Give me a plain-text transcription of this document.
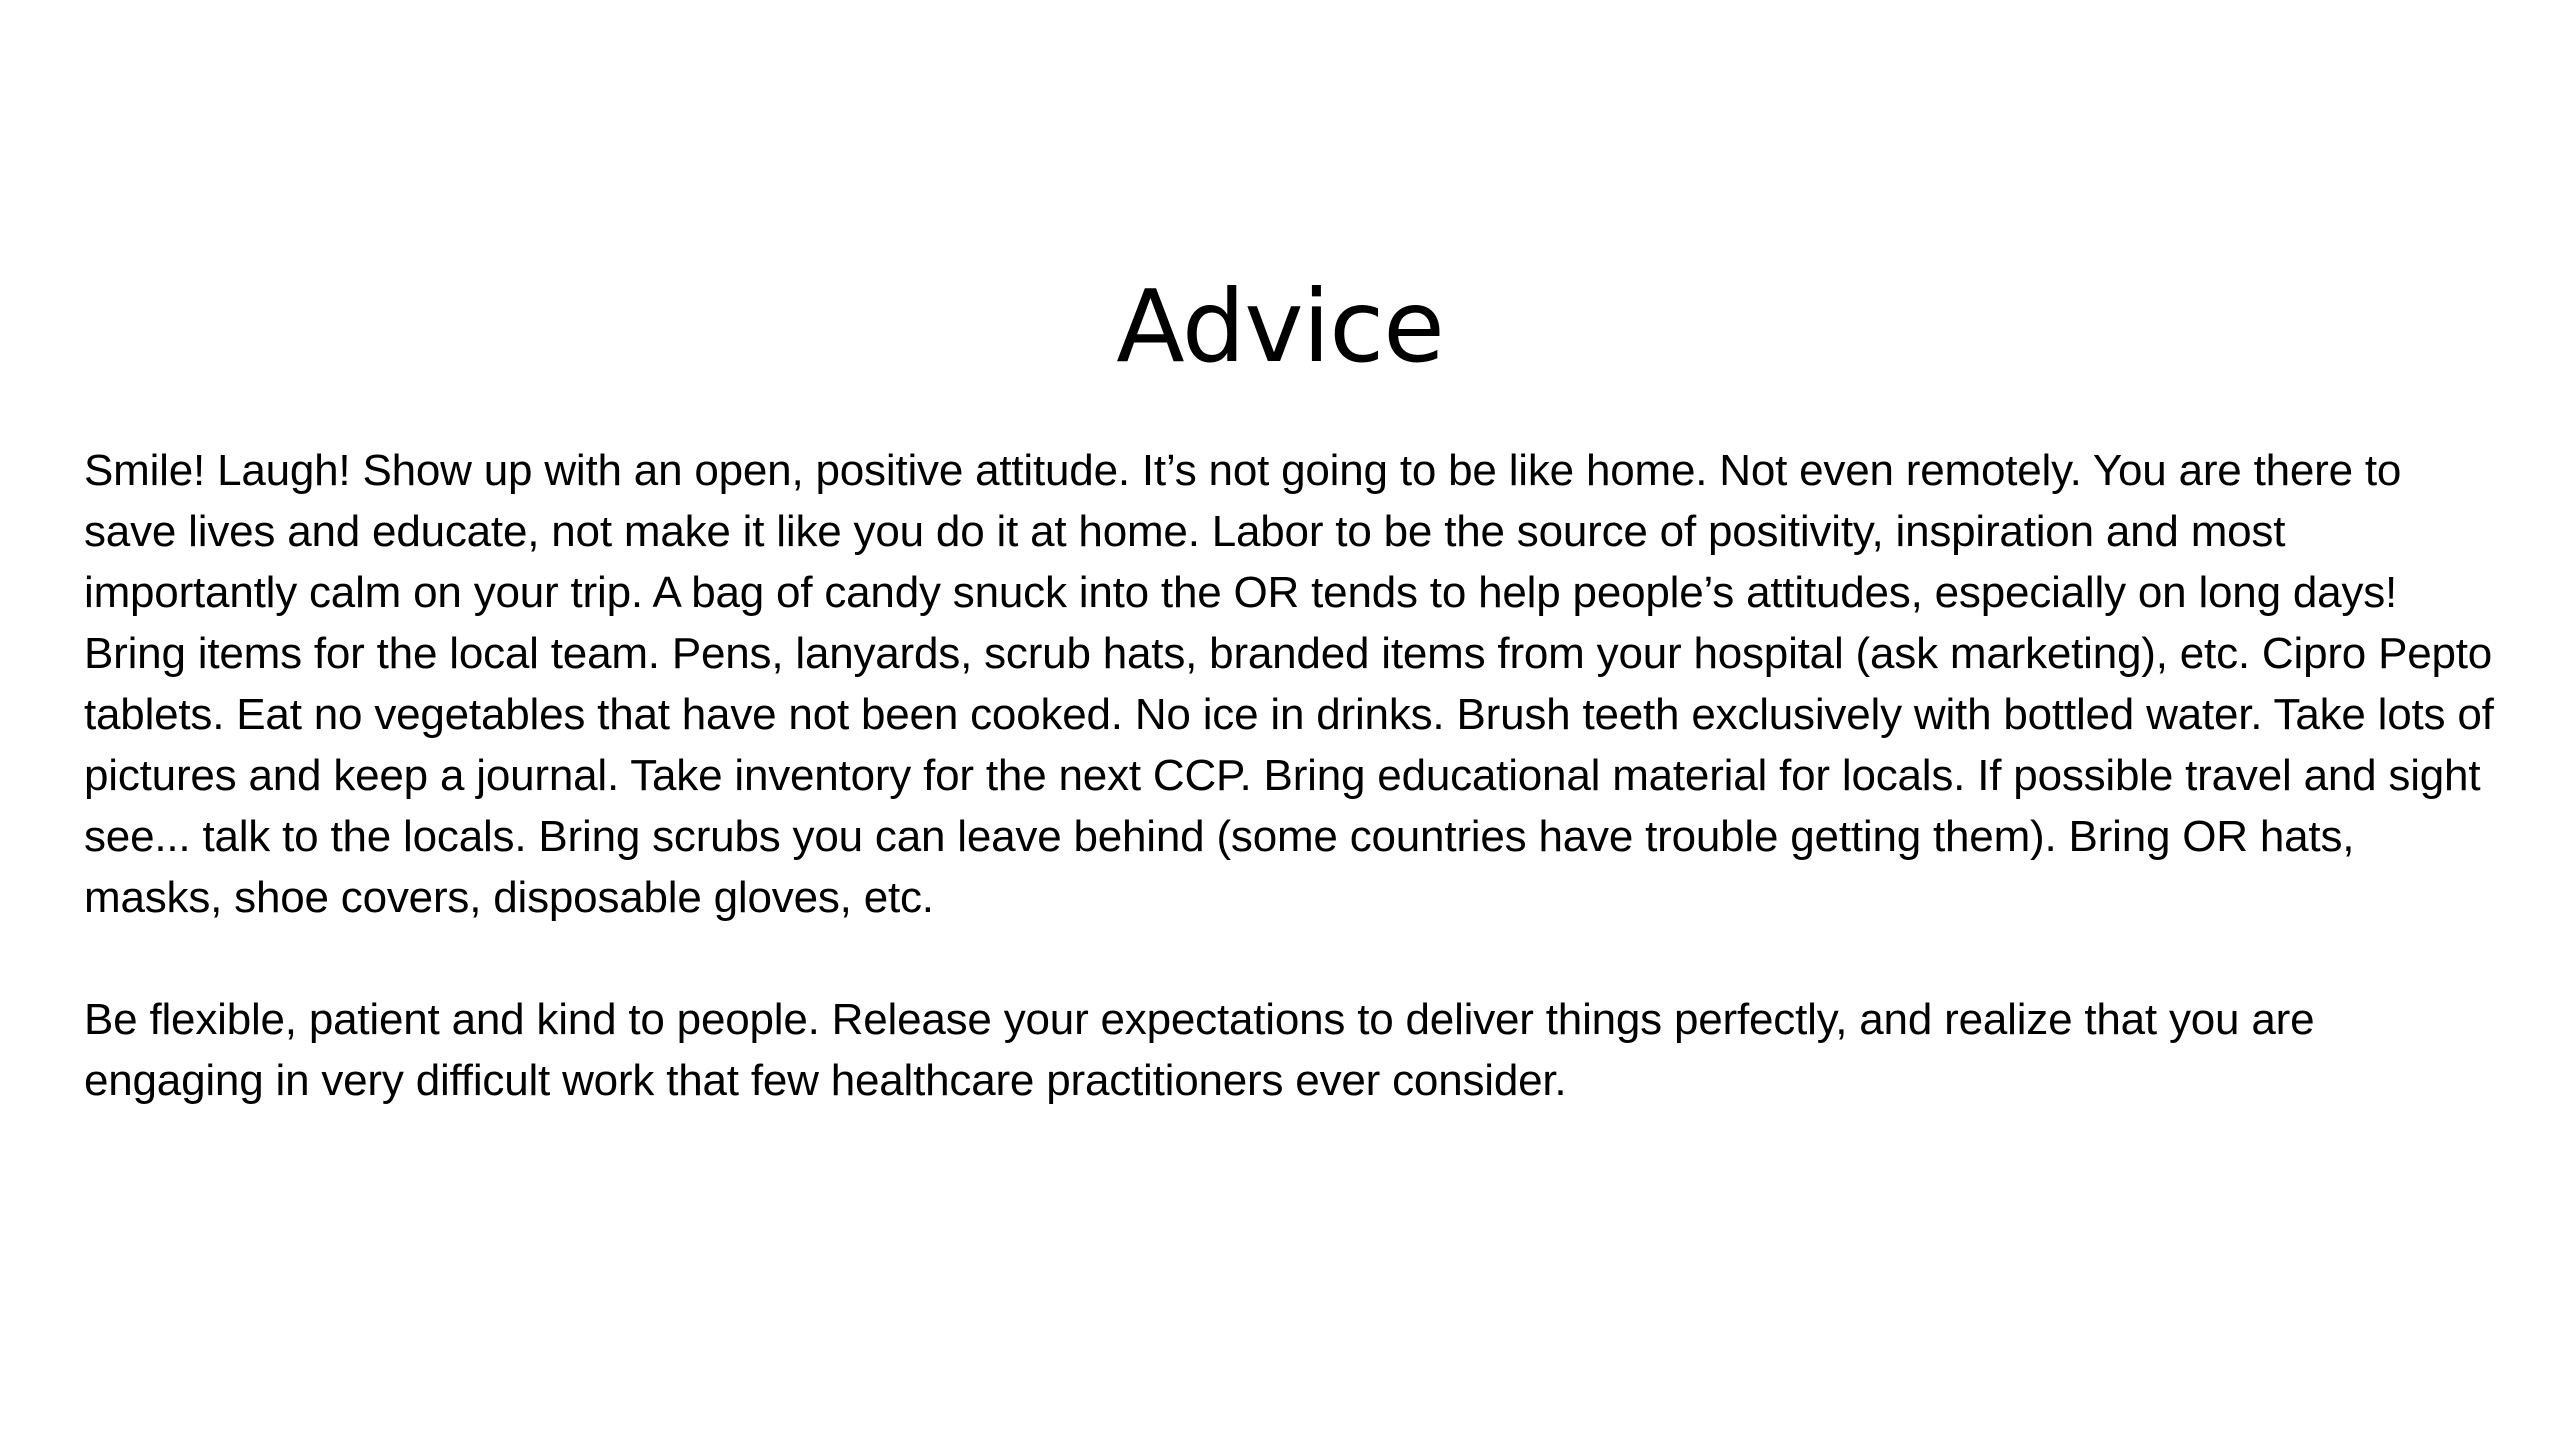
Advice

Smile! Laugh! Show up with an open, positive attitude. It’s not going to be like home. Not even remotely. You are there to save lives and educate, not make it like you do it at home. Labor to be the source of positivity, inspiration and most importantly calm on your trip. A bag of candy snuck into the OR tends to help people’s attitudes, especially on long days! Bring items for the local team. Pens, lanyards, scrub hats, branded items from your hospital (ask marketing), etc. Cipro Pepto tablets. Eat no vegetables that have not been cooked. No ice in drinks. Brush teeth exclusively with bottled water. Take lots of pictures and keep a journal. Take inventory for the next CCP. Bring educational material for locals. If possible travel and sight see... talk to the locals. Bring scrubs you can leave behind (some countries have trouble getting them). Bring OR hats, masks, shoe covers, disposable gloves, etc.

Be flexible, patient and kind to people. Release your expectations to deliver things perfectly, and realize that you are engaging in very difficult work that few healthcare practitioners ever consider.
